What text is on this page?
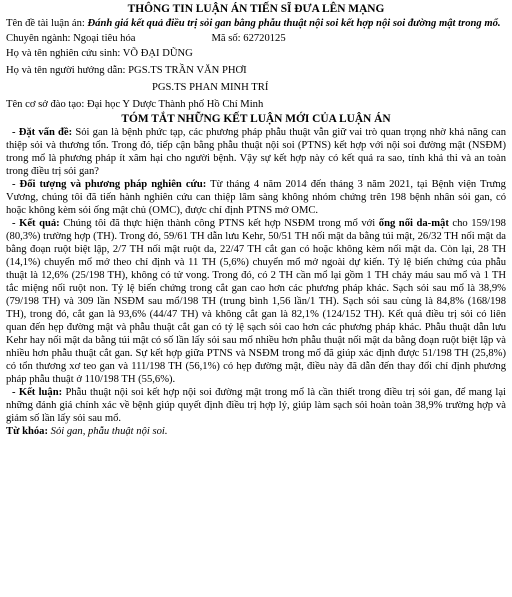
THÔNG TIN LUẬN ÁN TIẾN SĨ ĐƯA LÊN MẠNG

Tên đề tài luận án: Đánh giá kết quả điều trị sỏi gan bằng phẫu thuật nội soi kết hợp nội soi đường mật trong mổ.

Chuyên ngành: Ngoại tiêu hóa	Mã số: 62720125

Họ và tên nghiên cứu sinh: VÕ ĐẠI DŨNG

Họ và tên người hướng dẫn: PGS.TS TRẦN VĂN PHƠI

PGS.TS PHAN MINH TRÍ

Tên cơ sở đào tạo: Đại học Y Dược Thành phố Hồ Chí Minh

TÓM TẮT NHỮNG KẾT LUẬN MỚI CỦA LUẬN ÁN

- Đặt vấn đề: Sỏi gan là bệnh phức tạp, các phương pháp phẫu thuật vẫn giữ vai trò quan trọng nhờ khả năng can thiệp sỏi và thương tổn. Trong đó, tiếp cận bằng phẫu thuật nội soi (PTNS) kết hợp với nội soi đường mật (NSĐM) trong mổ là phương pháp ít xâm hại cho người bệnh. Vậy sự kết hợp này có kết quả ra sao, tính khả thi và an toàn trong điều trị sỏi gan?

- Đối tượng và phương pháp nghiên cứu: Từ tháng 4 năm 2014 đến tháng 3 năm 2021, tại Bệnh viện Trưng Vương, chúng tôi đã tiến hành nghiên cứu can thiệp lâm sàng không nhóm chứng trên 198 bệnh nhân sỏi gan, có hoặc không kèm sỏi ống mật chủ (OMC), được chỉ định PTNS mở OMC.

- Kết quả: Chúng tôi đã thực hiện thành công PTNS kết hợp NSĐM trong mổ với ống nối da-mật cho 159/198 (80,3%) trường hợp (TH). Trong đó, 59/61 TH dẫn lưu Kehr, 50/51 TH nối mật da bằng túi mật, 26/32 TH nối mật da bằng đoạn ruột biệt lập, 2/7 TH nối mật ruột da, 22/47 TH cắt gan có hoặc không kèm nối mật da. Còn lại, 28 TH (14,1%) chuyển mổ mở theo chỉ định và 11 TH (5,6%) chuyển mổ mở ngoài dự kiến. Tỷ lệ biến chứng của phẫu thuật là 12,6% (25/198 TH), không có tử vong. Trong đó, có 2 TH cần mổ lại gồm 1 TH chảy máu sau mổ và 1 TH tắc miệng nối ruột non. Tỷ lệ biến chứng trong cắt gan cao hơn các phương pháp khác. Sạch sỏi sau mổ là 38,9% (79/198 TH) và 309 lần NSĐM sau mổ/198 TH (trung bình 1,56 lần/1 TH). Sạch sỏi sau cùng là 84,8% (168/198 TH), trong đó, cắt gan là 93,6% (44/47 TH) và không cắt gan là 82,1% (124/152 TH). Kết quả điều trị sỏi có liên quan đến hẹp đường mật và phẫu thuật cắt gan có tỷ lệ sạch sỏi cao hơn các phương pháp khác. Phẫu thuật dẫn lưu Kehr hay nối mật da bằng túi mật có số lần lấy sỏi sau mổ nhiều hơn phẫu thuật nối mật da bằng đoạn ruột biệt lập và nhiều hơn phẫu thuật cắt gan. Sự kết hợp giữa PTNS và NSĐM trong mổ đã giúp xác định được 51/198 TH (25,8%) có tổn thương xơ teo gan và 111/198 TH (56,1%) có hẹp đường mật, điều này đã dẫn đến thay đổi chỉ định phương pháp phẫu thuật ở 110/198 TH (55,6%).

- Kết luận: Phẫu thuật nội soi kết hợp nội soi đường mật trong mổ là cần thiết trong điều trị sỏi gan, để mang lại những đánh giá chính xác về bệnh giúp quyết định điều trị hợp lý, giúp làm sạch sỏi hoàn toàn 38,9% trường hợp và giảm số lần lấy sỏi sau mổ.

Từ khóa: Sỏi gan, phẫu thuật nội soi.
